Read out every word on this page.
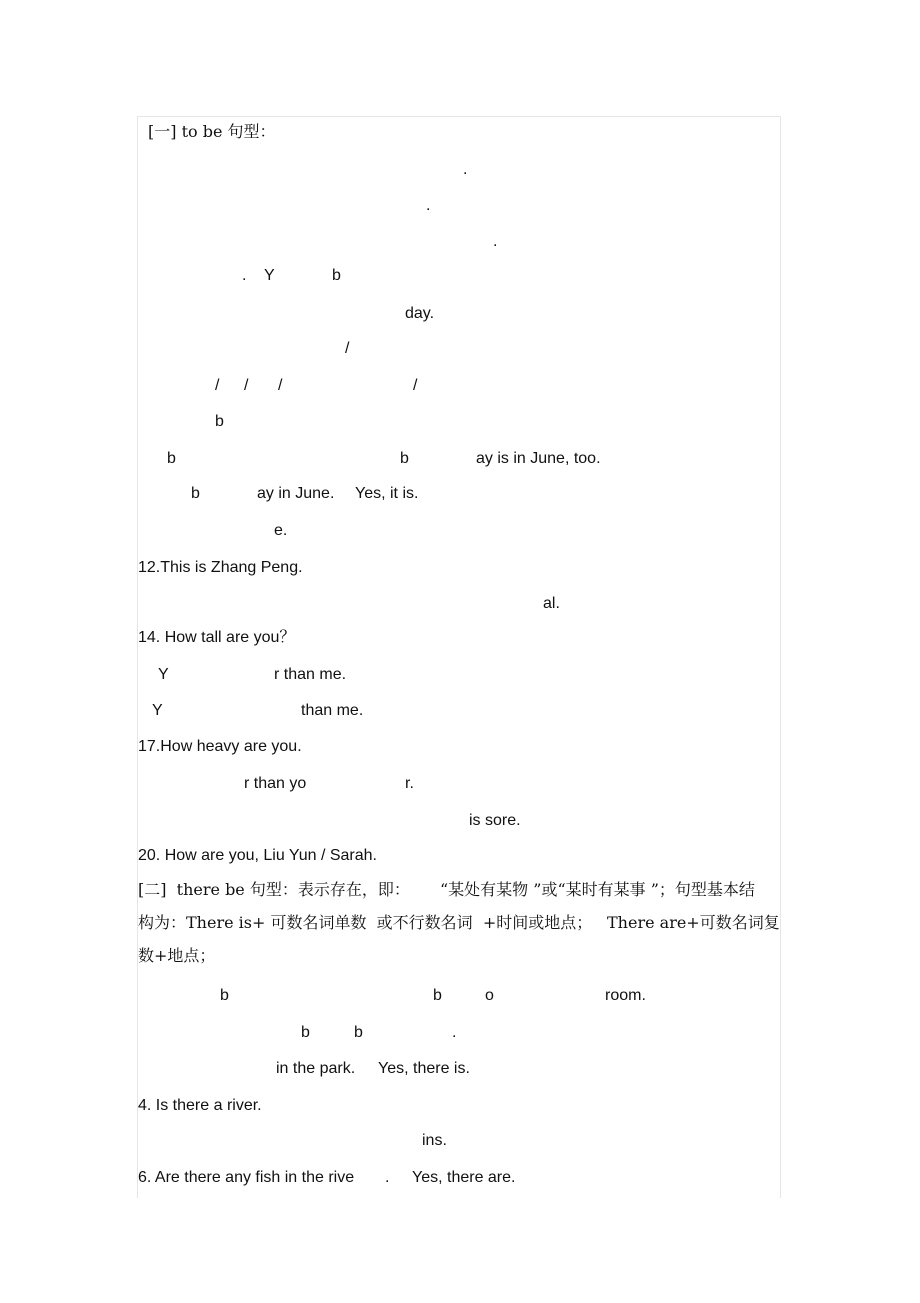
[一] to be 句型：
.
.
.
. Y	b
day.
/
/ / /	/
b
b	b	ay is in June, too.
b	ay in June. Yes, it is.
e.
12.This is Zhang Peng.
al.
14. How tall are you？
Y	r than me.
Y	than me.
17.How heavy are you.
r than yo	r.
is sore.
20. How are you, Liu Yun / Sarah.
[二]  there be 句型：表示存在，即： “某处有某物 ”或“某时有某事 ”；句型基本结
构为：There is+ 可数名词单数  或不行数名词  +时间或地点； There are+可数名词复
数+地点；
b	b	o	room.
b	b	.
in the park. Yes, there is.
4. Is there a river.
ins.
6. Are there any fish in the rive . Yes, there are.
